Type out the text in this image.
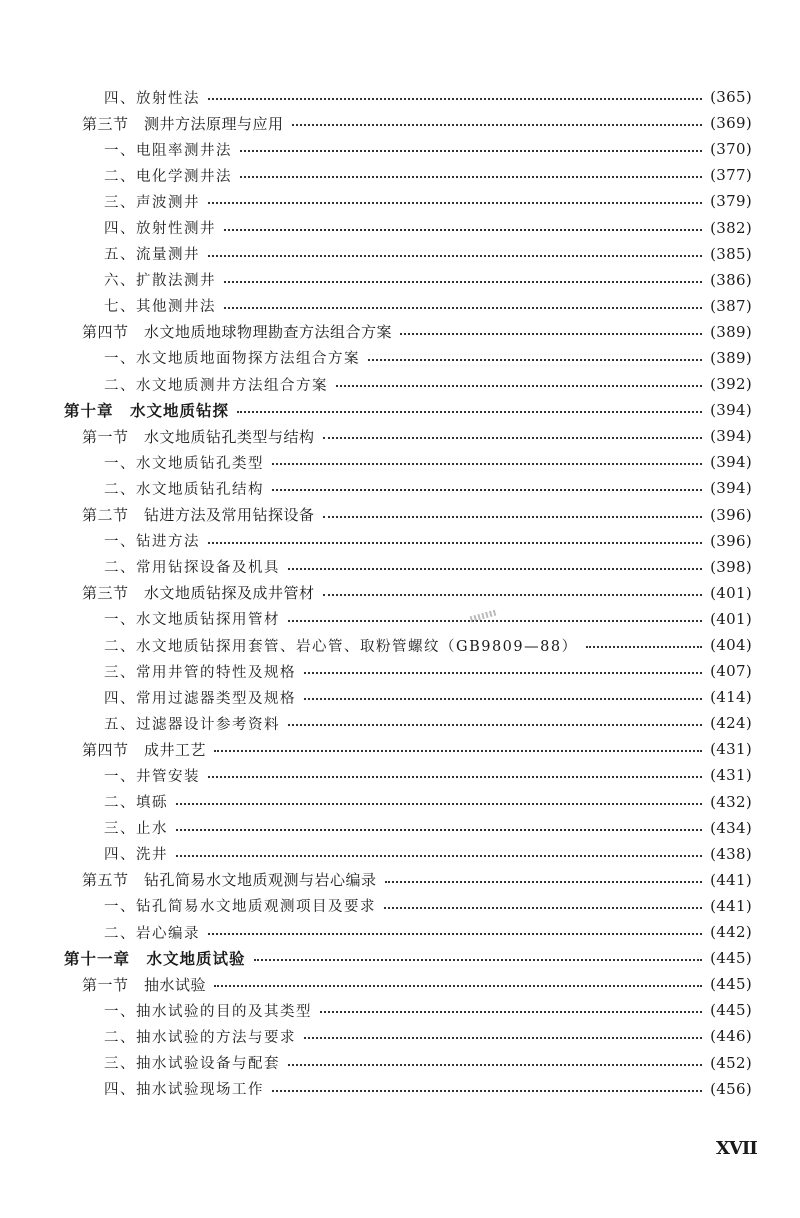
四、放射性法	(365)
第三节　测井方法原理与应用	(369)
一、电阻率测井法	(370)
二、电化学测井法	(377)
三、声波测井	(379)
四、放射性测井	(382)
五、流量测井	(385)
六、扩散法测井	(386)
七、其他测井法	(387)
第四节　水文地质地球物理勘查方法组合方案	(389)
一、水文地质地面物探方法组合方案	(389)
二、水文地质测井方法组合方案	(392)
第十章　水文地质钻探	(394)
第一节　水文地质钻孔类型与结构	(394)
一、水文地质钻孔类型	(394)
二、水文地质钻孔结构	(394)
第二节　钻进方法及常用钻探设备	(396)
一、钻进方法	(396)
二、常用钻探设备及机具	(398)
第三节　水文地质钻探及成井管材	(401)
一、水文地质钻探用管材	(401)
二、水文地质钻探用套管、岩心管、取粉管螺纹（GB9809—88）	(404)
三、常用井管的特性及规格	(407)
四、常用过滤器类型及规格	(414)
五、过滤器设计参考资料	(424)
第四节　成井工艺	(431)
一、井管安装	(431)
二、填砾	(432)
三、止水	(434)
四、洗井	(438)
第五节　钻孔简易水文地质观测与岩心编录	(441)
一、钻孔简易水文地质观测项目及要求	(441)
二、岩心编录	(442)
第十一章　水文地质试验	(445)
第一节　抽水试验	(445)
一、抽水试验的目的及其类型	(445)
二、抽水试验的方法与要求	(446)
三、抽水试验设备与配套	(452)
四、抽水试验现场工作	(456)
XVII
